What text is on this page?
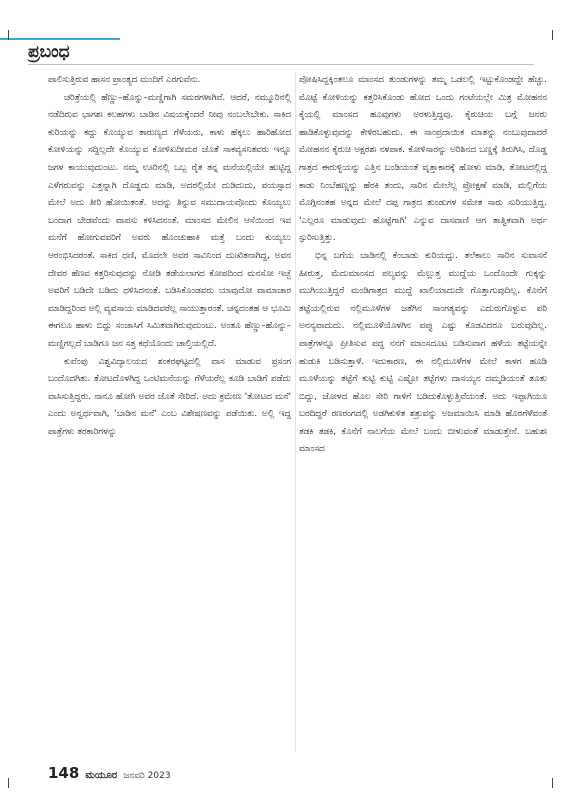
ಪ್ರಬಂಧ

ಪಾಲಿಸುತ್ತಿರುವ ಹಾಸನ ಪ್ರಾಂತ್ಯದ ಮಂದಿಗೆ ಎರಗುವೆನು.

ಚರಿತ್ರೆಯಲ್ಲಿ ಹೆಣ್ಣು–ಹೊನ್ನು–ಮಣ್ಣಿಗಾಗಿ ಸಮರಗಳಾಗಿವೆ. ಆದರೆ, ನಮ್ಮೂರಿನಲ್ಲಿ ನಡೆದಿರುವ ಭಾಗಶಃ ಕಲಹಗಳು ಬಾಡಿನ ವಿಷಯಕ್ಕೆಂದರೆ ನೀವು ನಂಬಲೇಬೇಕು. ಸಾಕಿದ ಕುರಿಯನ್ನು ಕದ್ದು ಕೊಯ್ಯುವ ತಾರುಣ್ಯದ ಗೆಳೆಯರು, ಕಾಳು ಹೆಕ್ಕಲು ಹಾರಿಹೋದ ಕೋಳಿಯನ್ನು ಸದ್ದಿಲ್ಲದೇ ಕೊಯ್ಯುವ ಕೋಳಿಖದೀಮರ ಜೊತೆ ಸಾಕವ್ಯಸನಿತವರು ಇನ್ನೂ ಜಗಳ ಕಾಯುವುದುಂಟು. ನಮ್ಮ ಊರಿನಲ್ಲಿ ಒಬ್ಬ ರೈತ ತನ್ನ ಮನೆಯಲ್ಲಿಯೇ ಹುಟ್ಟಿದ್ದ ಎಳೆಗರುವನ್ನು ಎತ್ತನ್ನಾಗಿ ದೊಡ್ಡದು ಮಾಡಿ, ಅದರಲ್ಲಿಯೇ ದುಡಿದುದು, ವಯಸ್ಸಾದ ಮೇಲೆ ಅದು ತೀರಿ ಹೋಯಿತಂತೆ. ಅದನ್ನು ತಿನ್ನುವ ಸಮುದಾಯವೊಂದು ಕೊಯ್ಯಲು ಬಂದಾಗ ಬೇಡವೆಂದು ವಾಪಸು ಕಳಿಸಿದನಂತೆ. ಮಾಂಸದ ಮೇಲಿನ ಆಸೆಯಿಂದ ಇವ ಮನೆಗೆ ಹೋಗುವವರಿಗೆ ಅವರು ಹೊಂಚುಹಾಕಿ ಮತ್ತೆ ಬಂದು ಕುಯ್ಯಲು ಆರಂಭಿಸಿದರಂತೆ. ಸಾಕಿದ ಧಣಿ, ಮೊದಲೇ ಅವರ ಸಾವಿನಿಂದ ದುಃಖಿತನಾಗಿದ್ದ, ಅವನ ದೇವರ ಹೆಣವ ಕತ್ತರಿಸುವುದನ್ನು ನೋಡಿ ತಡೆಯಲಾಗದ ಕೋಪದಿಂದ ಮನಸೋ ಇಚ್ಛೆ ಅವರಿಗೆ ಬಡಿದೇ ಬಡಿದು ಥಳಿಸಿದನಂತೆ. ಬಡಿಸಿಕೊಂಡವರು ಯಾವುದೋ ವಾಮಾಚಾರ ಮಾಡಿದ್ದರಿಂದ ಅಲ್ಲಿ ವ್ಯವಸಾಯ ಮಾಡಿದವರೆಲ್ಲ ಸಾಯುತ್ತಾರಂತೆ. ಚನ್ನದಂತಹ ಆ ಭೂಮಿ ಈಗಲೂ ಹಾಳು ಬಿದ್ದು ಸಂಜಾಸಿಗೆ ಸಿಮಿತವಾಗಿರುವುದುಂಟು. ಅಂತೂ ಹೆಣ್ಣು–ಹೊನ್ನು–ಮಣ್ಣಿಗಲ್ಲದೆ ಬಾಡಿಗೂ ಜನ ಸತ್ತ ಕಥೆಯೊಂದು ಚಾಲ್ತಿಯಲ್ಲಿದೆ.

ಕುವೆಂಪು ವಿಶ್ವವಿದ್ಯಾಲಯದ ಶಂಕರಘಟ್ಟದಲ್ಲಿ ವಾಸ ಮಾಡುವ ಪ್ರಸಂಗ ಬಂದೊದಗಿತು. ತೋಟದೊಳಗಿದ್ದ ಒಂಟಿಮನೆಯನ್ನು ಗೆಳೆಯರೆಲ್ಲ ಕೂಡಿ ಬಾಡಿಗೆ ಪಡೆದು ವಾಸಿಸುತ್ತಿದ್ದರು. ನಾನೂ ಹೋಗಿ ಅವರ ಜೊತೆ ಸೇರಿದೆ. ಅದು ಕ್ರಮೇಣ 'ತೋಟದ ಮನೆ' ಎಂದು ಅನ್ವರ್ಥವಾಗಿ, 'ಬಾಡಿನ ಮನೆ' ಎಂಬ ವಿಶೇಷಣವನ್ನು ಪಡೆಯಿತು. ಅಲ್ಲಿ ಇದ್ದ ಪಾತ್ರೆಗಳು ತರಕಾರಿಗಳನ್ನು

ಪೋಷಿಸಿದ್ದಕ್ಕಿಂತಲೂ ಮಾಂಸದ ತುಂಡುಗಳನ್ನು ತಮ್ಮ ಒಡಲಲ್ಲಿ ಇಟ್ಟುಕೊಂಡದ್ದೇ ಹೆಚ್ಚು. ಮೊಟ್ಟೆ ಕೋಳಿಯನ್ನು ಕತ್ತರಿಸಿಕೊಂಡು ಹೋದ ಒಂದು ಗಂಟೆಯಲ್ಲೇ ಮಿತ್ರ ಮೋಹನನ ಕೈಯಲ್ಲಿ ಮಾಂಸದ ಹೂವುಗಳು ಅರಳುತ್ತಿದ್ದವು. ಕೈರುಚಿಯ ಬಗ್ಗೆ ಜನರು ಹಾಡಿಕೊಳ್ಳುವುದನ್ನು ಕೇಳಿರಬಹುದು. ಈ ಸಾಂಪ್ರದಾಯಿಕ ಮಾತನ್ನು ನಂಬುವುದಾದರೆ ಮೋಹನನ ಕೈರುಚಿ ಅಕ್ಷರಶಃ ನಳಪಾಕ. ಕೋಳಿಸಾರನ್ನು ಅರಿಶಿನದ ಬಣ್ಣಕ್ಕೆ ತಿರುಗಿಸಿ, ದೊಡ್ಡ ಗಾತ್ರದ ಈರುಳ್ಳಿಯನ್ನು ಎತ್ತಿನ ಬಂಡಿಯಂತೆ ವೃತ್ತಾಕಾರಕ್ಕೆ ಹೋಳು ಮಾಡಿ, ತೋಟದಲ್ಲಿದ್ದ ಕಾಡು ನಿಂಬೆಹಣ್ಣನ್ನು ಹೆರಕಿ ತಂದು, ಸಾರಿನ ಮೇಲೆಲ್ಲ ಪ್ರೋಕ್ಷಣೆ ಮಾಡಿ, ಮಲ್ಲಿಗೆಯ ಮೊಗ್ಗಿನಂತಹ ಅನ್ನದ ಮೇಲೆ ದಪ್ಪ ಗಾತ್ರದ ತುಂಡುಗಳ ಸಮೇತ ಸಾರು ಸುರಿಯುತ್ತಿದ್ದ. 'ಎಲ್ಲರೂ ಮಾಡುವುದು ಹೊಟ್ಟೆಗಾಗಿ' ಎನ್ನುವ ದಾಸವಾಣಿ ಆಗ ತಾತ್ವಿಕವಾಗಿ ಅರ್ಥ ಸ್ಫುರಿಸುತ್ತಿತ್ತು.

ಭಿನ್ನ ಬಗೆಯ ಬಾಡಿನಲ್ಲಿ ಕೆಂಬಾಡು ಕುರಿಯದ್ದು. ತಲೆಕಾಲು ಸಾರಿನ ಸುವಾಸನೆ ಹೀರುತ್ತ, ಮೆದುಮಾಂಸದ ಪಲ್ಯವನ್ನು ಮೆಲ್ಲುತ್ತ ಮುದ್ದೆಯ ಒಂದೊಂದೇ ಗುಕ್ಕನ್ನು ಮುಗಿಯುತ್ತಿದ್ದರೆ ಮಂಡಿಗಾತ್ರದ ಮುದ್ದೆ ಖಾಲಿಯಾದುದೇ ಗೊತ್ತಾಗುವುದಿಲ್ಲ. ಕೊನೆಗೆ ತಟ್ಟೆಯಲ್ಲಿರುವ ನಲ್ಲಿಮೂಳೆಗಳ ಜತೆಗಿನ ಸಾಂಗತ್ಯವನ್ನು ಎದುರುಗೊಳ್ಳುವ ಪರಿ ಅನನ್ಯವಾದುದು. ನಲ್ಲಿಮೂಳೆಯೊಳಗಿನ ಪಪ್ಪು ಎಷ್ಟು ಕೊಡವಿದರೂ ಬರುವುದಿಲ್ಲ. ಪಾತ್ರೆಗಳನ್ನೂ ಪ್ರೀತಿಸುವ ಪದ್ಧ ನನಗೆ ಮಾಂಸದೂಟ ಬಡಿಸುವಾಗ ಹಳೆಯ ತಟ್ಟೆಯನ್ನೇ ಹುಡುಕಿ ಬಡಿಸುತ್ತಾಳೆ. ಇದುಕಾರಣ, ಈ ನಲ್ಲಿಮೂಳೆಗಳ ಮೇಲೆ ಕಾಳಗ ಹೂಡಿ ಮೂಳೆಯನ್ನು ತಟ್ಟೆಗೆ ಕುಟ್ಟಿ ಕುಟ್ಟಿ ಎಷ್ಟೋ ತಟ್ಟೆಗಳು ದಾಸಯ್ಯನ ದಮ್ಮಡಿಯಂತೆ ತೂತು ಬಿದ್ದು, ಜೋಳದ ಹೊಲ ಸೇರಿ ಗಾಳಿಗೆ ಬಡಿದುಕೊಳ್ಳುತ್ತಿವೆಯಂತೆ. ಅದು ಇಪ್ಪಾಗಿಯೂ ಬರದಿದ್ದರೆ ರಣರಂಗದಲ್ಲಿ ಅಡಗಿಕುಳಿತ ಶತ್ರುವನ್ನು ಅಜಮಾಯಿಸಿ ಮಾಡಿ ಹೊರಗೆಳೆವಂತೆ ತಡಕಿ ತಡಕಿ, ಕೊನೆಗೆ ನಾಲಗೆಯ ಮೇಲೆ ಬಂದು ಬೀಳುವಂತೆ ಮಾಡುತ್ತೇನೆ. ಬಹುಶಃ ಮಾಂಸದ

148 ಮಯೂರ ಜನವರಿ 2023
